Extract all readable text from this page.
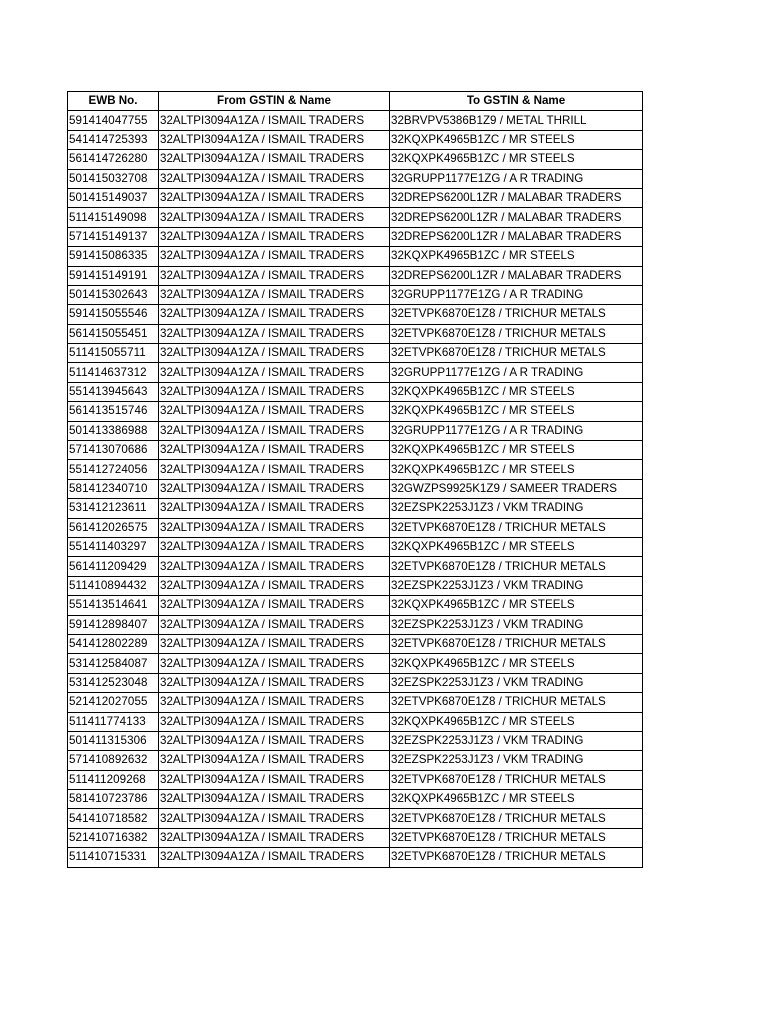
EWB No.	From GSTIN & Name	To GSTIN & Name
591414047755	32ALTPI3094A1ZA / ISMAIL TRADERS	32BRVPV5386B1Z9 / METAL THRILL
541414725393	32ALTPI3094A1ZA / ISMAIL TRADERS	32KQXPK4965B1ZC / MR STEELS
561414726280	32ALTPI3094A1ZA / ISMAIL TRADERS	32KQXPK4965B1ZC / MR STEELS
501415032708	32ALTPI3094A1ZA / ISMAIL TRADERS	32GRUPP1177E1ZG / A R TRADING
501415149037	32ALTPI3094A1ZA / ISMAIL TRADERS	32DREPS6200L1ZR / MALABAR TRADERS
511415149098	32ALTPI3094A1ZA / ISMAIL TRADERS	32DREPS6200L1ZR / MALABAR TRADERS
571415149137	32ALTPI3094A1ZA / ISMAIL TRADERS	32DREPS6200L1ZR / MALABAR TRADERS
591415086335	32ALTPI3094A1ZA / ISMAIL TRADERS	32KQXPK4965B1ZC / MR STEELS
591415149191	32ALTPI3094A1ZA / ISMAIL TRADERS	32DREPS6200L1ZR / MALABAR TRADERS
501415302643	32ALTPI3094A1ZA / ISMAIL TRADERS	32GRUPP1177E1ZG / A R TRADING
591415055546	32ALTPI3094A1ZA / ISMAIL TRADERS	32ETVPK6870E1Z8 / TRICHUR METALS
561415055451	32ALTPI3094A1ZA / ISMAIL TRADERS	32ETVPK6870E1Z8 / TRICHUR METALS
511415055711	32ALTPI3094A1ZA / ISMAIL TRADERS	32ETVPK6870E1Z8 / TRICHUR METALS
511414637312	32ALTPI3094A1ZA / ISMAIL TRADERS	32GRUPP1177E1ZG / A R TRADING
551413945643	32ALTPI3094A1ZA / ISMAIL TRADERS	32KQXPK4965B1ZC / MR STEELS
561413515746	32ALTPI3094A1ZA / ISMAIL TRADERS	32KQXPK4965B1ZC / MR STEELS
501413386988	32ALTPI3094A1ZA / ISMAIL TRADERS	32GRUPP1177E1ZG / A R TRADING
571413070686	32ALTPI3094A1ZA / ISMAIL TRADERS	32KQXPK4965B1ZC / MR STEELS
551412724056	32ALTPI3094A1ZA / ISMAIL TRADERS	32KQXPK4965B1ZC / MR STEELS
581412340710	32ALTPI3094A1ZA / ISMAIL TRADERS	32GWZPS9925K1Z9 / SAMEER TRADERS
531412123611	32ALTPI3094A1ZA / ISMAIL TRADERS	32EZSPK2253J1Z3 / VKM TRADING
561412026575	32ALTPI3094A1ZA / ISMAIL TRADERS	32ETVPK6870E1Z8 / TRICHUR METALS
551411403297	32ALTPI3094A1ZA / ISMAIL TRADERS	32KQXPK4965B1ZC / MR STEELS
561411209429	32ALTPI3094A1ZA / ISMAIL TRADERS	32ETVPK6870E1Z8 / TRICHUR METALS
511410894432	32ALTPI3094A1ZA / ISMAIL TRADERS	32EZSPK2253J1Z3 / VKM TRADING
551413514641	32ALTPI3094A1ZA / ISMAIL TRADERS	32KQXPK4965B1ZC / MR STEELS
591412898407	32ALTPI3094A1ZA / ISMAIL TRADERS	32EZSPK2253J1Z3 / VKM TRADING
541412802289	32ALTPI3094A1ZA / ISMAIL TRADERS	32ETVPK6870E1Z8 / TRICHUR METALS
531412584087	32ALTPI3094A1ZA / ISMAIL TRADERS	32KQXPK4965B1ZC / MR STEELS
531412523048	32ALTPI3094A1ZA / ISMAIL TRADERS	32EZSPK2253J1Z3 / VKM TRADING
521412027055	32ALTPI3094A1ZA / ISMAIL TRADERS	32ETVPK6870E1Z8 / TRICHUR METALS
511411774133	32ALTPI3094A1ZA / ISMAIL TRADERS	32KQXPK4965B1ZC / MR STEELS
501411315306	32ALTPI3094A1ZA / ISMAIL TRADERS	32EZSPK2253J1Z3 / VKM TRADING
571410892632	32ALTPI3094A1ZA / ISMAIL TRADERS	32EZSPK2253J1Z3 / VKM TRADING
511411209268	32ALTPI3094A1ZA / ISMAIL TRADERS	32ETVPK6870E1Z8 / TRICHUR METALS
581410723786	32ALTPI3094A1ZA / ISMAIL TRADERS	32KQXPK4965B1ZC / MR STEELS
541410718582	32ALTPI3094A1ZA / ISMAIL TRADERS	32ETVPK6870E1Z8 / TRICHUR METALS
521410716382	32ALTPI3094A1ZA / ISMAIL TRADERS	32ETVPK6870E1Z8 / TRICHUR METALS
511410715331	32ALTPI3094A1ZA / ISMAIL TRADERS	32ETVPK6870E1Z8 / TRICHUR METALS
